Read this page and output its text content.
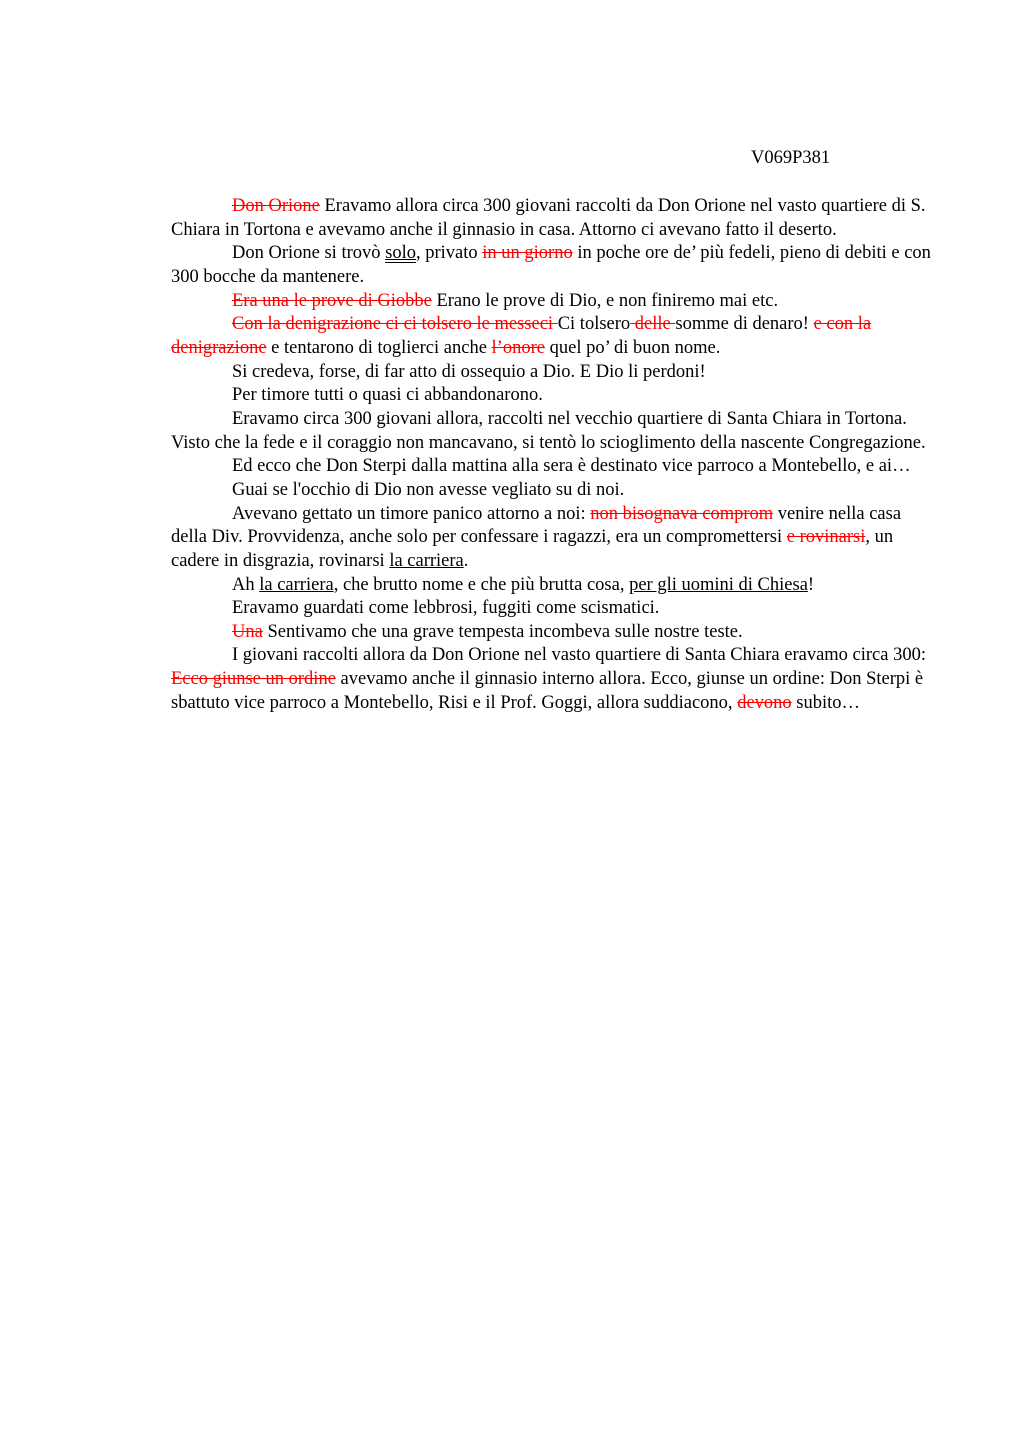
V069P381

Don Orione Eravamo allora circa 300 giovani raccolti da Don Orione nel vasto quartiere di S. Chiara in Tortona e avevamo anche il ginnasio in casa. Attorno ci avevano fatto il deserto.

Don Orione si trovò solo, privato in un giorno in poche ore de’ più fedeli, pieno di debiti e con 300 bocche da mantenere.

Era una le prove di Giobbe Erano le prove di Dio, e non finiremo mai etc.

Con la denigrazione ci ci tolsero le messeci Ci tolsero delle somme di denaro! e con la denigrazione e tentarono di toglierci anche l’onore quel po’ di buon nome.

Si credeva, forse, di far atto di ossequio a Dio. E Dio li perdoni!

Per timore tutti o quasi ci abbandonarono.

Eravamo circa 300 giovani allora, raccolti nel vecchio quartiere di Santa Chiara in Tortona. Visto che la fede e il coraggio non mancavano, si tentò lo scioglimento della nascente Congregazione.

Ed ecco che Don Sterpi dalla mattina alla sera è destinato vice parroco a Montebello, e ai…

Guai se l'occhio di Dio non avesse vegliato su di noi.

Avevano gettato un timore panico attorno a noi: non bisognava comprom venire nella casa della Div. Provvidenza, anche solo per confessare i ragazzi, era un compromettersi e rovinarsi, un cadere in disgrazia, rovinarsi la carriera.

Ah la carriera, che brutto nome e che più brutta cosa, per gli uomini di Chiesa!

Eravamo guardati come lebbrosi, fuggiti come scismatici.

Una Sentivamo che una grave tempesta incombeva sulle nostre teste.

I giovani raccolti allora da Don Orione nel vasto quartiere di Santa Chiara eravamo circa 300: Ecco giunse un ordine avevamo anche il ginnasio interno allora. Ecco, giunse un ordine: Don Sterpi è sbattuto vice parroco a Montebello, Risi e il Prof. Goggi, allora suddiacono, devono subito…
